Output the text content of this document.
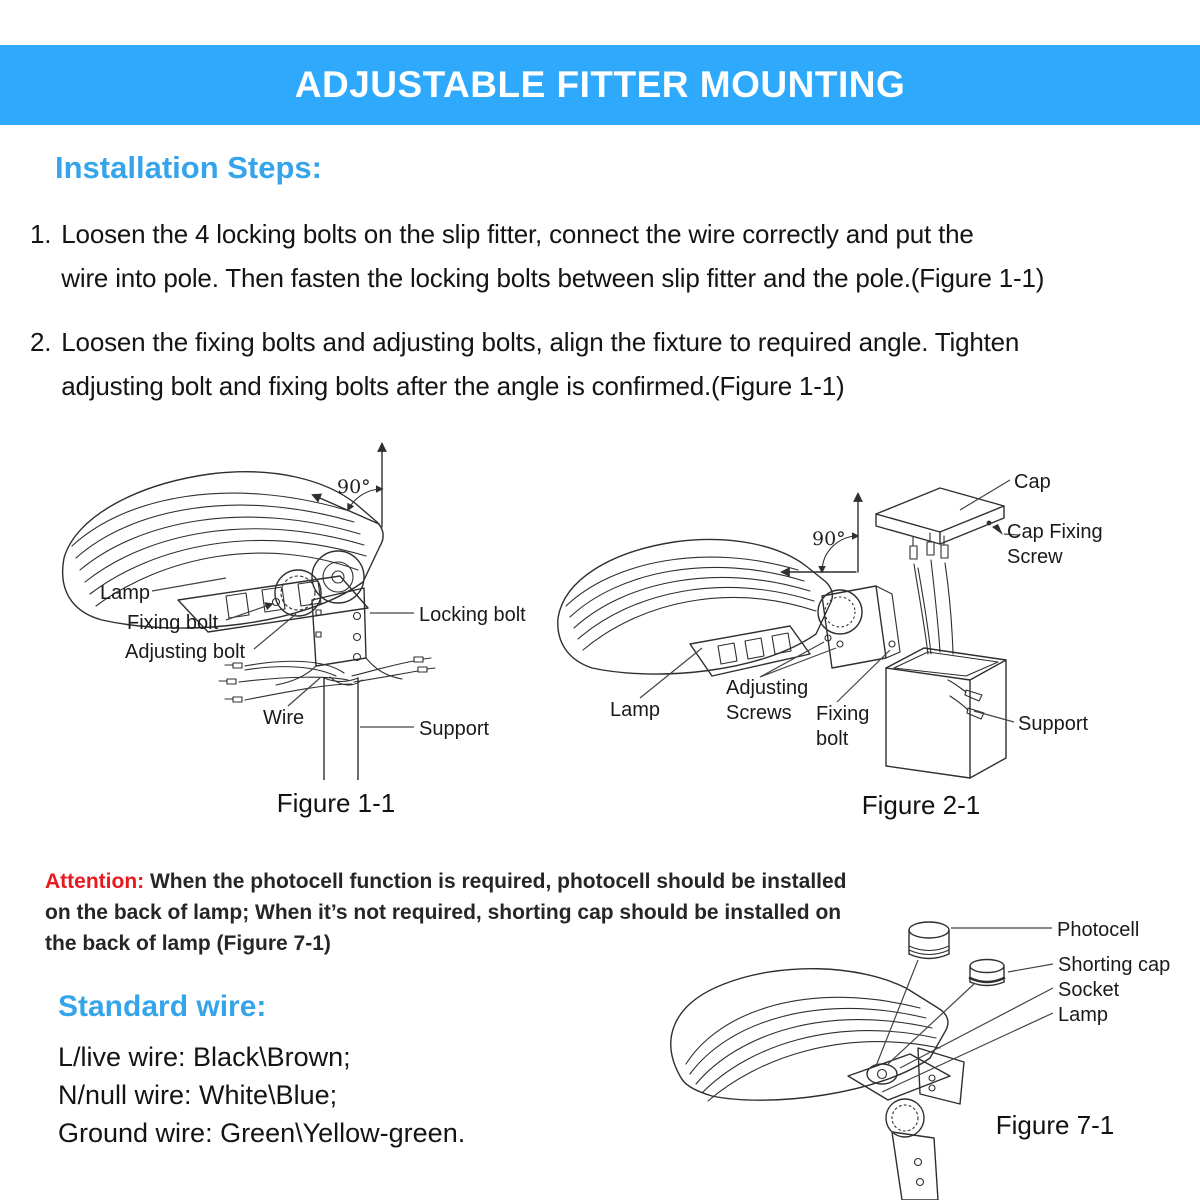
ADJUSTABLE FITTER MOUNTING
Installation Steps:
1. Loosen the 4 locking bolts on the slip fitter, connect the wire correctly and put the
wire into pole. Then fasten the locking bolts between slip fitter and the pole.(Figure 1-1)
2. Loosen the fixing bolts and adjusting bolts, align the fixture to required angle. Tighten
adjusting bolt and fixing bolts after the angle is confirmed.(Figure 1-1)
Lamp
Fixing bolt
Adjusting bolt
Wire
Locking bolt
Support
90°
Figure 1-1
Cap
Cap Fixing
Screw
Lamp
Adjusting
Screws	Fixing
bolt
Support
90°
Figure 2-1
Attention: When the photocell function is required, photocell should be installed
on the back of lamp; When it’s not required, shorting cap should be installed on
the back of lamp (Figure 7-1)
Standard wire:
L/live wire: Black\Brown;
N/null wire: White\Blue;
Ground wire: Green\Yellow-green.
Photocell
Shorting cap
Socket
Lamp
Figure 7-1
